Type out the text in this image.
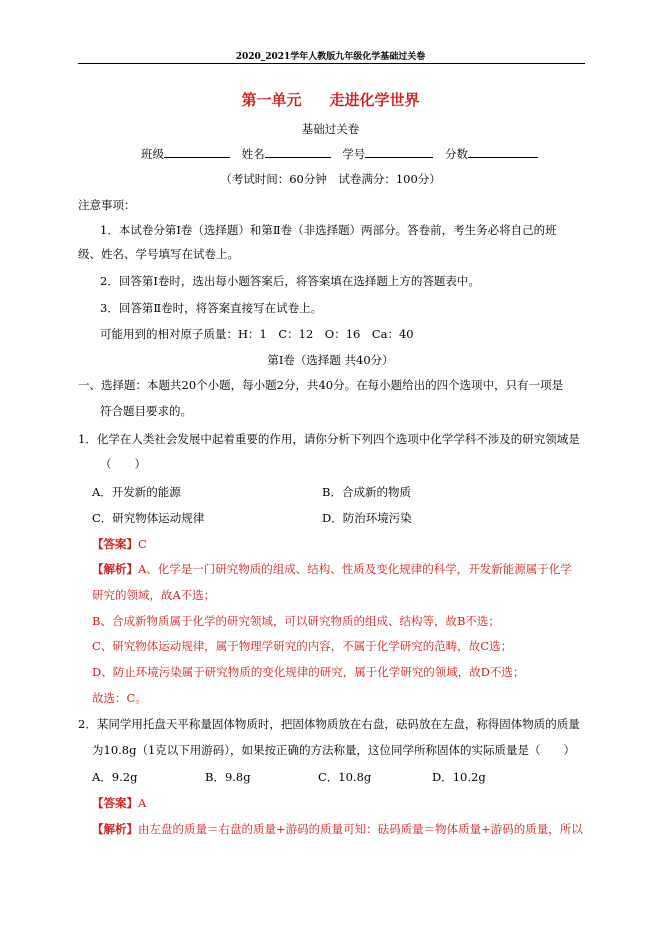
2020_2021学年人教版九年级化学基础过关卷
第一单元 走进化学世界
基础过关卷
班级	姓名	学号	分数
（考试时间：60分钟　试卷满分：100分）
注意事项：
1．本试卷分第Ⅰ卷（选择题）和第Ⅱ卷（非选择题）两部分。答卷前，考生务必将自己的班
级、姓名、学号填写在试卷上。
2．回答第Ⅰ卷时，选出每小题答案后，将答案填在选择题上方的答题表中。
3．回答第Ⅱ卷时，将答案直接写在试卷上。
可能用到的相对原子质量：H：1　C：12　O：16　Ca：40
第Ⅰ卷（选择题 共40分）
一、选择题：本题共20个小题，每小题2分，共40分。在每小题给出的四个选项中，只有一项是
符合题目要求的。
1．化学在人类社会发展中起着重要的作用，请你分析下列四个选项中化学学科不涉及的研究领域是
（　　）
A．开发新的能源	B．合成新的物质
C．研究物体运动规律	D．防治环境污染
【答案】C
【解析】A、化学是一门研究物质的组成、结构、性质及变化规律的科学，开发新能源属于化学
研究的领域，故A不选；
B、合成新物质属于化学的研究领域，可以研究物质的组成、结构等，故B不选；
C、研究物体运动规律，属于物理学研究的内容，不属于化学研究的范畴，故C选；
D、防止环境污染属于研究物质的变化规律的研究，属于化学研究的领域，故D不选；
故选：C。
2．某同学用托盘天平称量固体物质时，把固体物质放在右盘，砝码放在左盘，称得固体物质的质量
为10.8g（1克以下用游码），如果按正确的方法称量，这位同学所称固体的实际质量是（　　）
A．9.2g	B．9.8g	C．10.8g	D．10.2g
【答案】A
【解析】由左盘的质量＝右盘的质量+游码的质量可知：砝码质量＝物体质量+游码的质量，所以
